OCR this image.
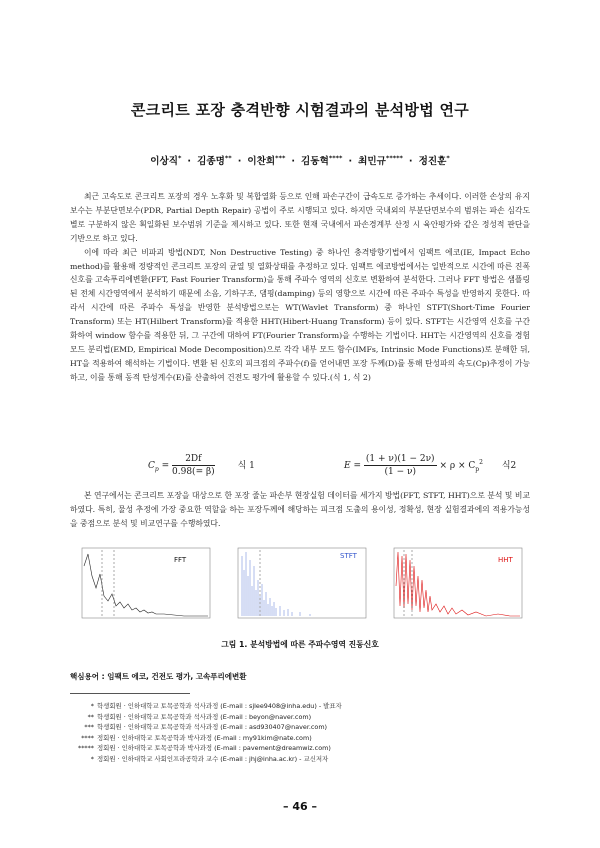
콘크리트 포장 충격반향 시험결과의 분석방법 연구
이상직* · 김종명** · 이찬희*** · 김동혁**** · 최민규***** · 정진훈*

최근 고속도로 콘크리트 포장의 경우 노후화 및 복합열화 등으로 인해 파손구간이 급속도로 증가하는 추세이다. 이러한 손상의 유지보수는 부분단면보수(PDR, Partial Depth Repair) 공법이 주로 시행되고 있다. 하지만 국내외의 부분단면보수의 범위는 파손 심각도별로 구분하지 않은 획일화된 보수범위 기준을 제시하고 있다. 또한 현재 국내에서 파손경계부 산정 시 육안평가와 같은 정성적 판단을 기반으로 하고 있다.

이에 따라 최근 비파괴 방법(NDT, Non Destructive Testing) 중 하나인 충격방향기법에서 임팩트 에코(IE, Impact Echo method)를 활용해 정량적인 콘크리트 포장의 균열 및 열화상태를 추정하고 있다. 임팩트 에코방법에서는 일반적으로 시간에 따른 진폭신호를 고속푸리에변환(FFT, Fast Fourier Transform)을 통해 주파수 영역의 신호로 변환하여 분석한다. 그러나 FFT 방법은 샘플링 된 전체 시간영역에서 분석하기 때문에 소음, 기하구조, 댐핑(damping) 등의 영향으로 시간에 따른 주파수 특성을 반영하지 못한다. 따라서 시간에 따른 주파수 특성을 반영한 분석방법으로는 WT(Wavlet Transform) 중 하나인 STFT(Short-Time Fourier Transform) 또는 HT(Hilbert Transform)를 적용한 HHT(Hibert-Huang Transform) 등이 있다. STFT는 시간영역 신호를 구간화하여 window 함수를 적용한 뒤, 그 구간에 대하여 FT(Fourier Transform)을 수행하는 기법이다. HHT는 시간영역의 신호를 경험 모드 분리법(EMD, Empirical Mode Decomposition)으로 각각 내부 모드 함수(IMFs, Intrinsic Mode Functions)로 분해한 뒤, HT을 적용하여 해석하는 기법이다. 변환 된 신호의 피크점의 주파수(f)를 얻어내면 포장 두께(D)를 통해 탄성파의 속도(Cp)추정이 가능하고, 이를 통해 동적 탄성계수(E)를 산출하여 건전도 평가에 활용할 수 있다.(식 1, 식 2)

$C_p = \frac{2Df}{0.98(= \beta)}$	식 1	$E = \frac{(1 + \nu)(1 - 2\nu)}{(1 - \nu)} \times \rho \times C_p^2$ 식2

본 연구에서는 콘크리트 포장을 대상으로 한 포장 줄눈 파손부 현장실험 데이터를 세가지 방법(FFT, STFT, HHT)으로 분석 및 비교하였다. 특히, 물성 추정에 가장 중요한 역할을 하는 포장두께에 해당하는 피크점 도출의 용이성, 정확성, 현장 실험결과에의 적용가능성을 중점으로 분석 및 비교연구를 수행하였다.

FFT	STFT	HHT
그림 1. 분석방법에 따른 주파수영역 진동신호
핵심용어 : 임팩트 에코, 건전도 평가, 고속푸리에변환
* 학생회원 · 인하대학교 토목공학과 석사과정 (E-mail : sjlee9408@inha.edu) - 발표자
** 학생회원 · 인하대학교 토목공학과 석사과정 (E-mail : beyon@naver.com)
*** 학생회원 · 인하대학교 토목공학과 석사과정 (E-mail : asd930407@naver.com)
**** 정회원 · 인하대학교 토목공학과 박사과정 (E-mail : my91kim@nate.com)
***** 정회원 · 인하대학교 토목공학과 박사과정 (E-mail : pavement@dreamwiz.com)
* 정회원 · 인하대학교 사회인프라공학과 교수 (E-mail : jhj@inha.ac.kr) - 교신저자
– 46 –
